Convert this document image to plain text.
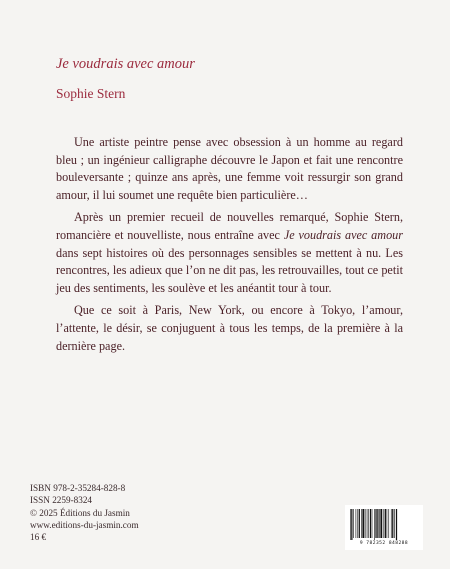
Je voudrais avec amour
Sophie Stern

Une artiste peintre pense avec obsession à un homme au regard bleu ; un ingénieur calligraphe découvre le Japon et fait une rencontre bouleversante ; quinze ans après, une femme voit ressurgir son grand amour, il lui soumet une requête bien particulière…

Après un premier recueil de nouvelles remarqué, Sophie Stern, romancière et nouvelliste, nous entraîne avec Je voudrais avec amour dans sept histoires où des personnages sensibles se mettent à nu. Les rencontres, les adieux que l’on ne dit pas, les retrouvailles, tout ce petit jeu des sentiments, les soulève et les anéantit tour à tour.

Que ce soit à Paris, New York, ou encore à Tokyo, l’amour, l’attente, le désir, se conjuguent à tous les temps, de la première à la dernière page.

ISBN 978-2-35284-828-8
ISSN 2259-8324
© 2025 Éditions du Jasmin
www.editions-du-jasmin.com
16 €
9 782352 848288
